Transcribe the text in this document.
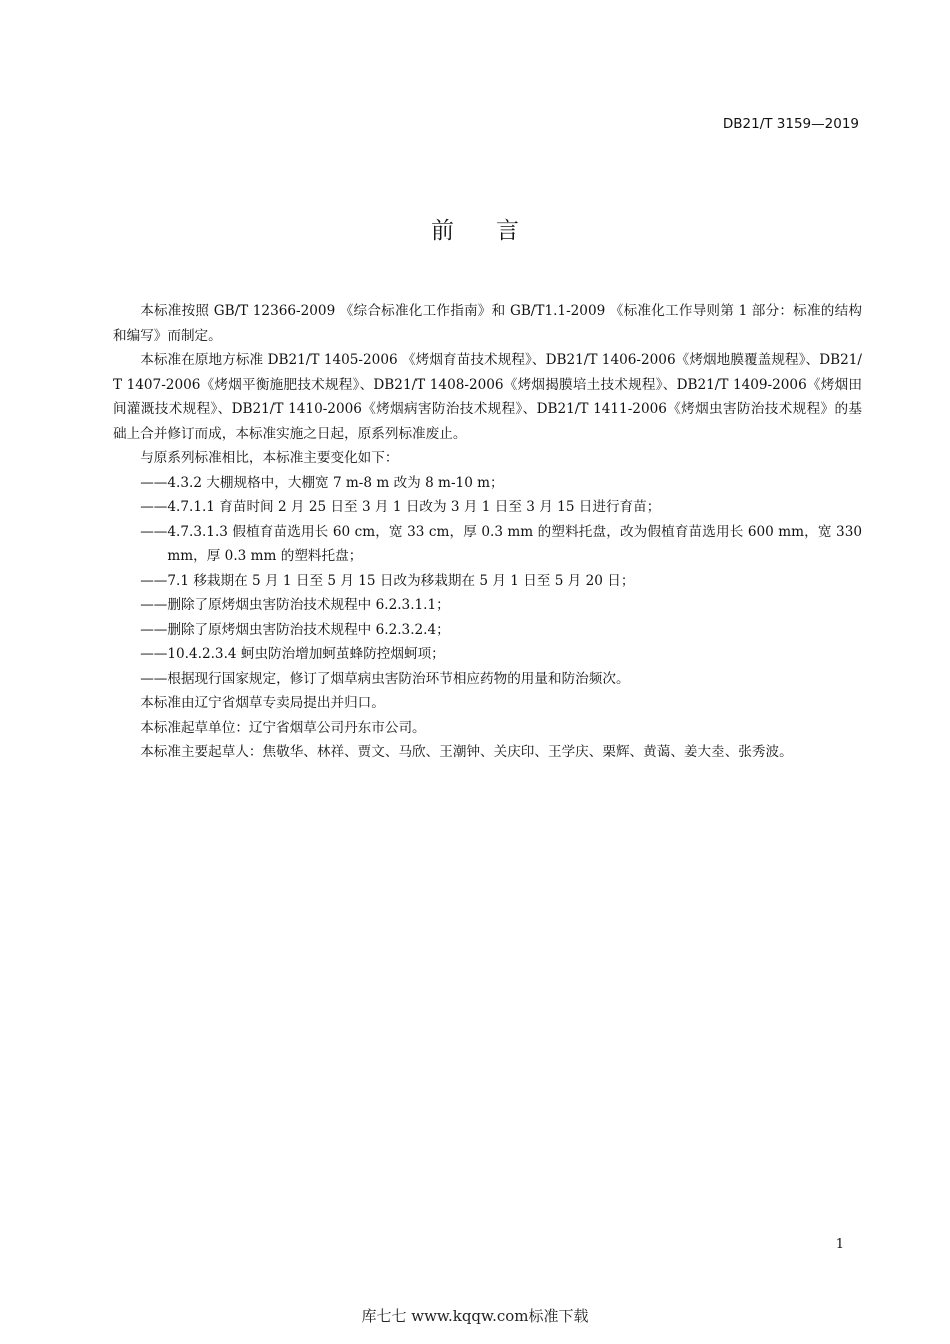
DB21/T 3159—2019
前言

本标准按照 GB/T 12366-2009 《综合标准化工作指南》和 GB/T1.1-2009 《标准化工作导则第 1 部分：标准的结构和编写》而制定。

本标准在原地方标准 DB21/T 1405-2006 《烤烟育苗技术规程》、DB21/T 1406-2006《烤烟地膜覆盖规程》、DB21/T 1407-2006《烤烟平衡施肥技术规程》、DB21/T 1408-2006《烤烟揭膜培土技术规程》、DB21/T 1409-2006《烤烟田间灌溉技术规程》、DB21/T 1410-2006《烤烟病害防治技术规程》、DB21/T 1411-2006《烤烟虫害防治技术规程》的基础上合并修订而成，本标准实施之日起，原系列标准废止。

与原系列标准相比，本标准主要变化如下：

——4.3.2 大棚规格中，大棚宽 7 m-8 m 改为 8 m-10 m；

——4.7.1.1 育苗时间 2 月 25 日至 3 月 1 日改为 3 月 1 日至 3 月 15 日进行育苗；

——4.7.3.1.3 假植育苗选用长 60 cm，宽 33 cm，厚 0.3 mm 的塑料托盘，改为假植育苗选用长 600 mm，宽 330 mm，厚 0.3 mm 的塑料托盘；

——7.1 移栽期在 5 月 1 日至 5 月 15 日改为移栽期在 5 月 1 日至 5 月 20 日；

——删除了原烤烟虫害防治技术规程中 6.2.3.1.1；

——删除了原烤烟虫害防治技术规程中 6.2.3.2.4；

——10.4.2.3.4 蚵虫防治增加蚵茧蜂防控烟蚵项；

——根据现行国家规定，修订了烟草病虫害防治环节相应药物的用量和防治频次。

本标准由辽宁省烟草专卖局提出并归口。

本标准起草单位：辽宁省烟草公司丹东市公司。

本标准主要起草人：焦敬华、林祥、贾文、马欣、王潮钟、关庆印、王学庆、栗辉、黄蔼、姜大坴、张秀波。

1
库七七 www.kqqw.com标准下载
